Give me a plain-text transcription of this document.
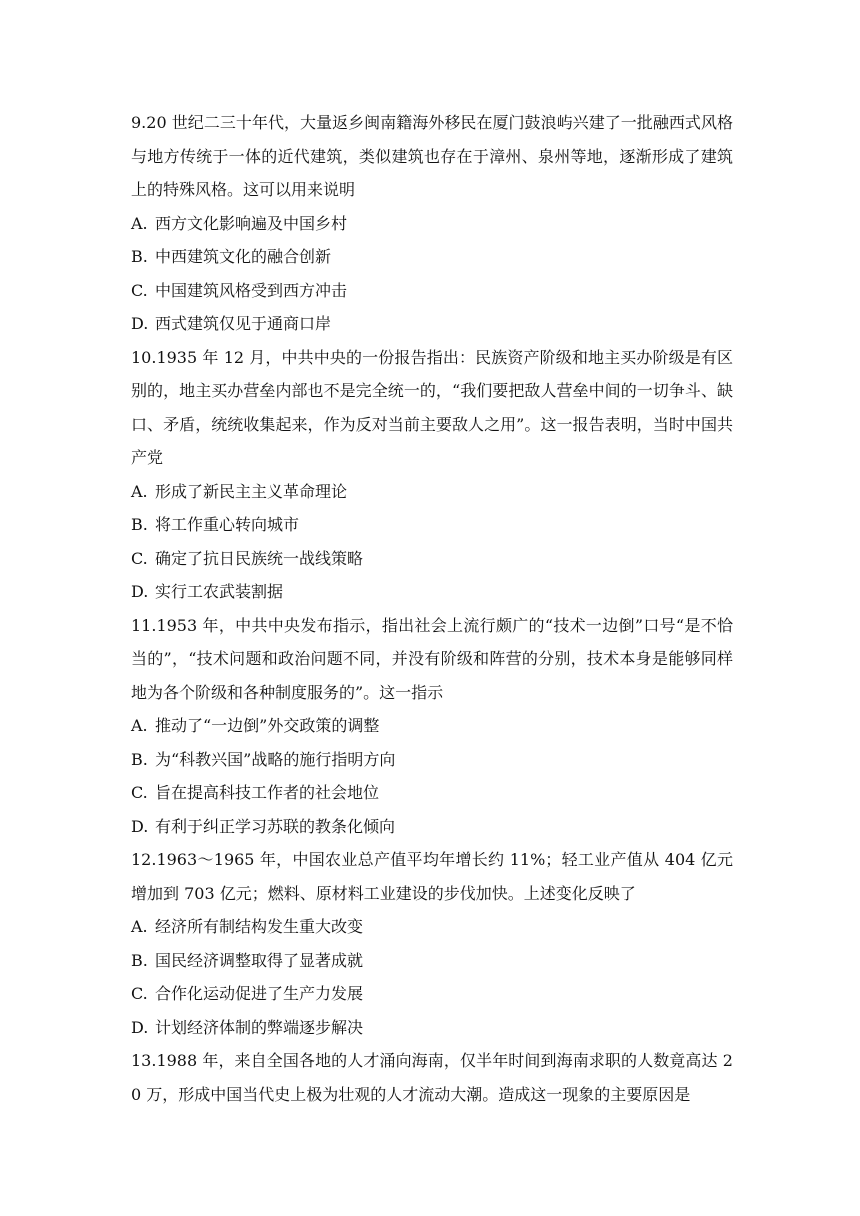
9.20 世纪二三十年代，大量返乡闽南籍海外移民在厦门鼓浪屿兴建了一批融西式风格与地方传统于一体的近代建筑，类似建筑也存在于漳州、泉州等地，逐渐形成了建筑上的特殊风格。这可以用来说明

A. 西方文化影响遍及中国乡村
B. 中西建筑文化的融合创新
C. 中国建筑风格受到西方冲击
D. 西式建筑仅见于通商口岸

10.1935 年 12 月，中共中央的一份报告指出：民族资产阶级和地主买办阶级是有区别的，地主买办营垒内部也不是完全统一的，“我们要把敌人营垒中间的一切争斗、缺口、矛盾，统统收集起来，作为反对当前主要敌人之用”。这一报告表明，当时中国共产党

A. 形成了新民主主义革命理论
B. 将工作重心转向城市
C. 确定了抗日民族统一战线策略
D. 实行工农武装割据

11.1953 年，中共中央发布指示，指出社会上流行颇广的“技术一边倒”口号“是不恰当的”，“技术问题和政治问题不同，并没有阶级和阵营的分别，技术本身是能够同样地为各个阶级和各种制度服务的”。这一指示

A. 推动了“一边倒”外交政策的调整
B. 为“科教兴国”战略的施行指明方向
C. 旨在提高科技工作者的社会地位
D. 有利于纠正学习苏联的教条化倾向

12.1963～1965 年，中国农业总产值平均年增长约 11%；轻工业产值从 404 亿元增加到 703 亿元；燃料、原材料工业建设的步伐加快。上述变化反映了

A. 经济所有制结构发生重大改变
B. 国民经济调整取得了显著成就
C. 合作化运动促进了生产力发展
D. 计划经济体制的弊端逐步解决

13.1988 年，来自全国各地的人才涌向海南，仅半年时间到海南求职的人数竟高达 20 万，形成中国当代史上极为壮观的人才流动大潮。造成这一现象的主要原因是
